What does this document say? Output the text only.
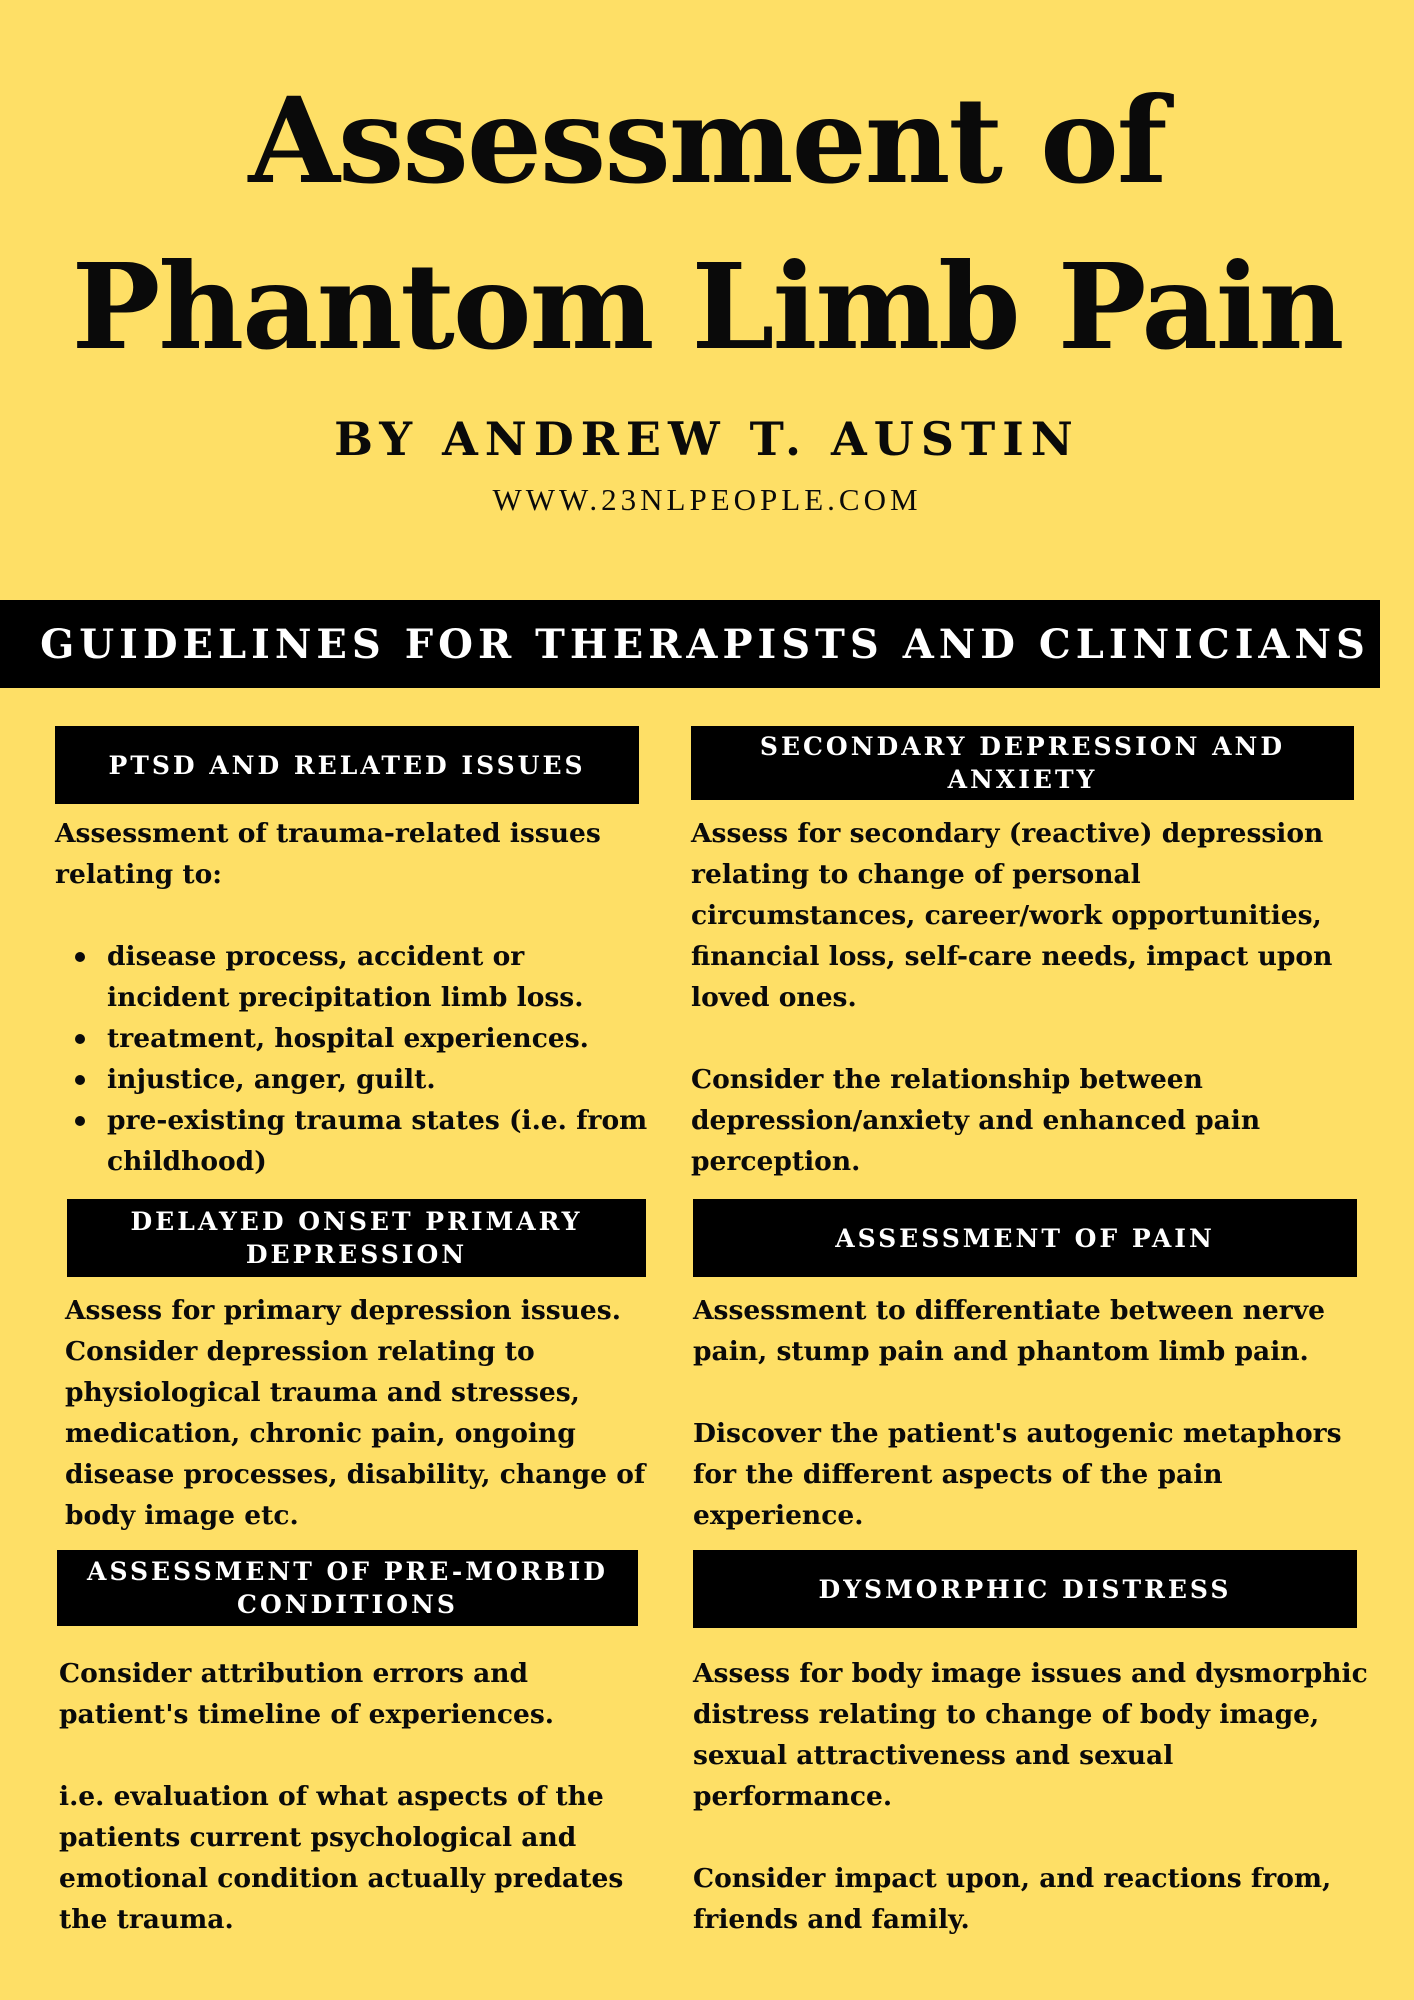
Assessment of
Phantom Limb Pain
BY ANDREW T. AUSTIN
WWW.23NLPEOPLE.COM
GUIDELINES FOR THERAPISTS AND CLINICIANS
PTSD AND RELATED ISSUES

Assessment of trauma-related issues relating to:

disease process, accident or incident precipitation limb loss.
treatment, hospital experiences.
injustice, anger, guilt.
pre-existing trauma states (i.e. from childhood)
SECONDARY DEPRESSION AND ANXIETY

Assess for secondary (reactive) depression relating to change of personal circumstances, career/work opportunities, financial loss, self-care needs, impact upon loved ones.

Consider the relationship between depression/anxiety and enhanced pain perception.

DELAYED ONSET PRIMARY DEPRESSION

Assess for primary depression issues. Consider depression relating to physiological trauma and stresses, medication, chronic pain, ongoing disease processes, disability, change of body image etc.

ASSESSMENT OF PAIN

Assessment to differentiate between nerve pain, stump pain and phantom limb pain.

Discover the patient's autogenic metaphors for the different aspects of the pain experience.

ASSESSMENT OF PRE-MORBID CONDITIONS

Consider attribution errors and patient's timeline of experiences.

i.e. evaluation of what aspects of the patients current psychological and emotional condition actually predates the trauma.

DYSMORPHIC DISTRESS

Assess for body image issues and dysmorphic distress relating to change of body image, sexual attractiveness and sexual performance.

Consider impact upon, and reactions from, friends and family.
